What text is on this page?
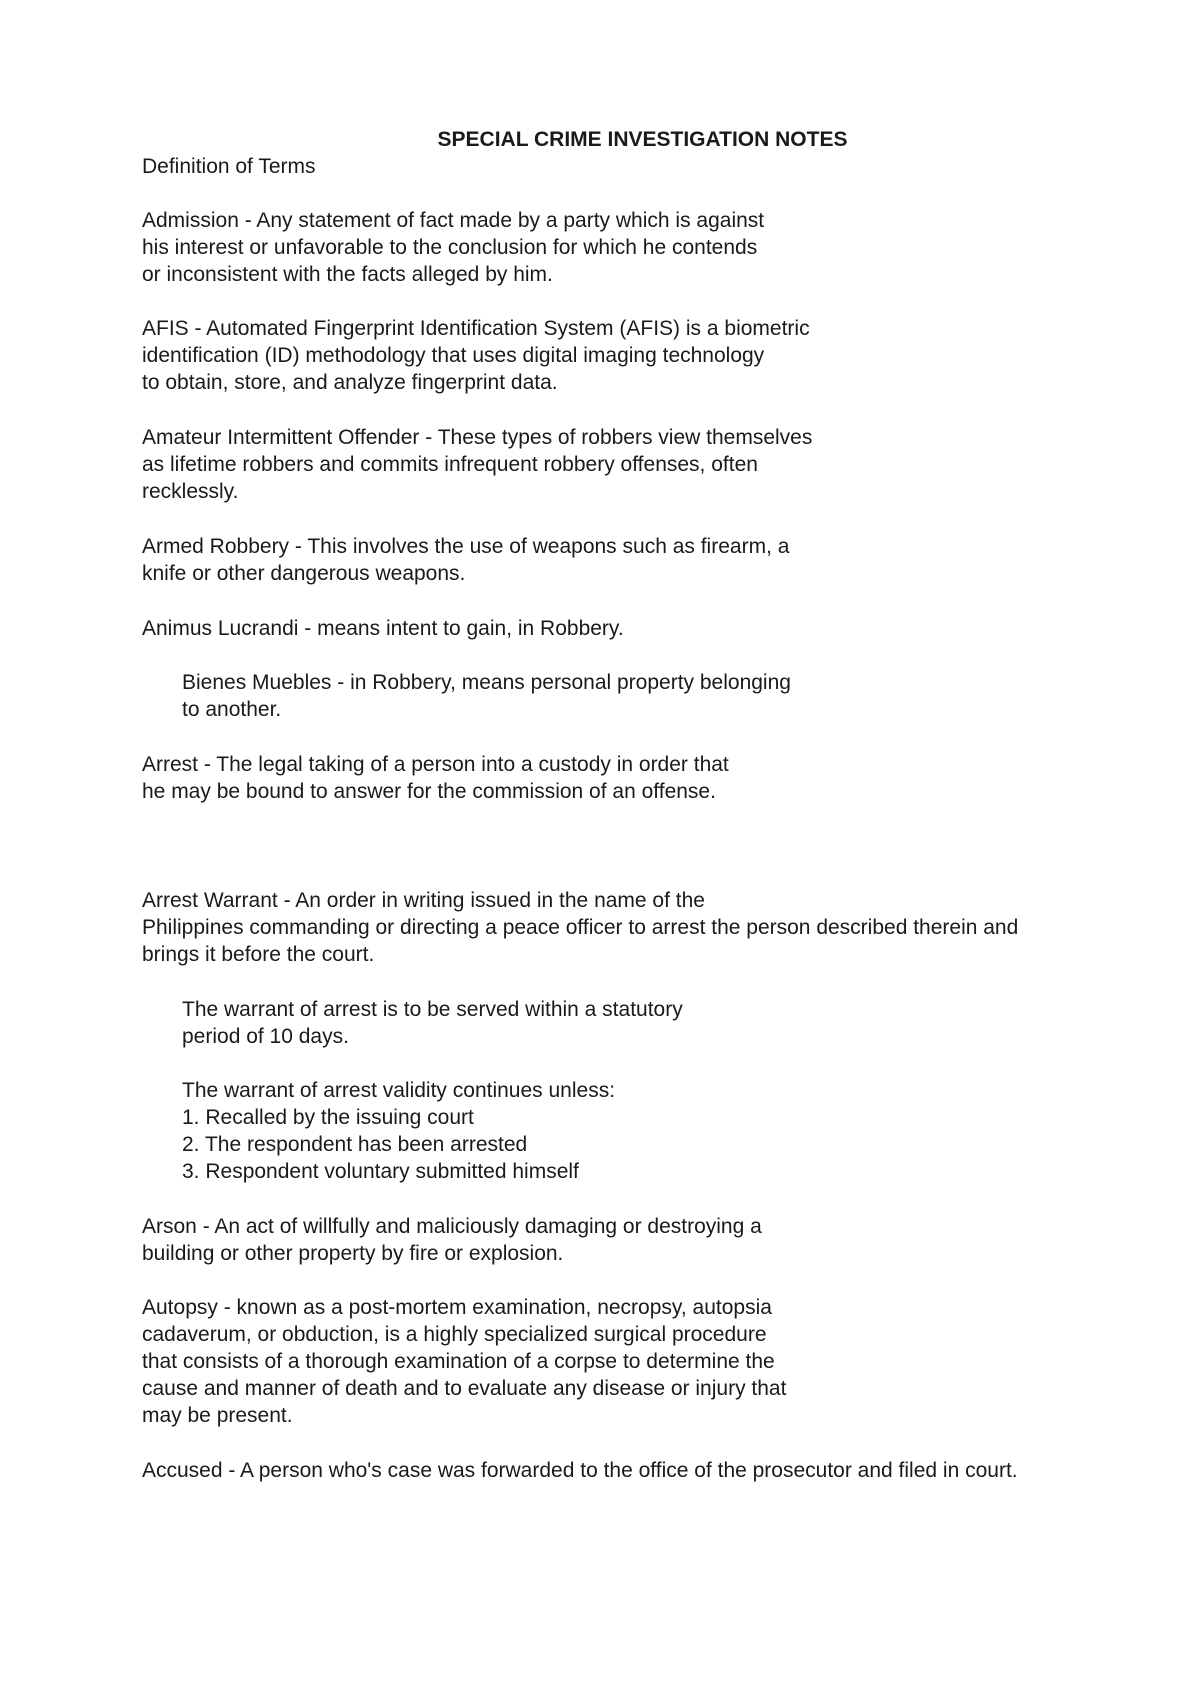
SPECIAL CRIME INVESTIGATION NOTES
Definition of Terms

Admission - Any statement of fact made by a party which is against
his interest or unfavorable to the conclusion for which he contends
or inconsistent with the facts alleged by him.

AFIS - Automated Fingerprint Identification System (AFIS) is a biometric
identification (ID) methodology that uses digital imaging technology
to obtain, store, and analyze fingerprint data.

Amateur Intermittent Offender - These types of robbers view themselves
as lifetime robbers and commits infrequent robbery offenses, often
recklessly.

Armed Robbery - This involves the use of weapons such as firearm, a
knife or other dangerous weapons.

Animus Lucrandi - means intent to gain, in Robbery.

Bienes Muebles - in Robbery, means personal property belonging
to another.

Arrest - The legal taking of a person into a custody in order that
he may be bound to answer for the commission of an offense.

Arrest Warrant - An order in writing issued in the name of the
Philippines commanding or directing a peace officer to arrest the person described therein and
brings it before the court.

The warrant of arrest is to be served within a statutory
period of 10 days.

The warrant of arrest validity continues unless:
1. Recalled by the issuing court
2. The respondent has been arrested
3. Respondent voluntary submitted himself

Arson - An act of willfully and maliciously damaging or destroying a
building or other property by fire or explosion.

Autopsy - known as a post-mortem examination, necropsy, autopsia
cadaverum, or obduction, is a highly specialized surgical procedure
that consists of a thorough examination of a corpse to determine the
cause and manner of death and to evaluate any disease or injury that
may be present.

Accused - A person who's case was forwarded to the office of the prosecutor and filed in court.
